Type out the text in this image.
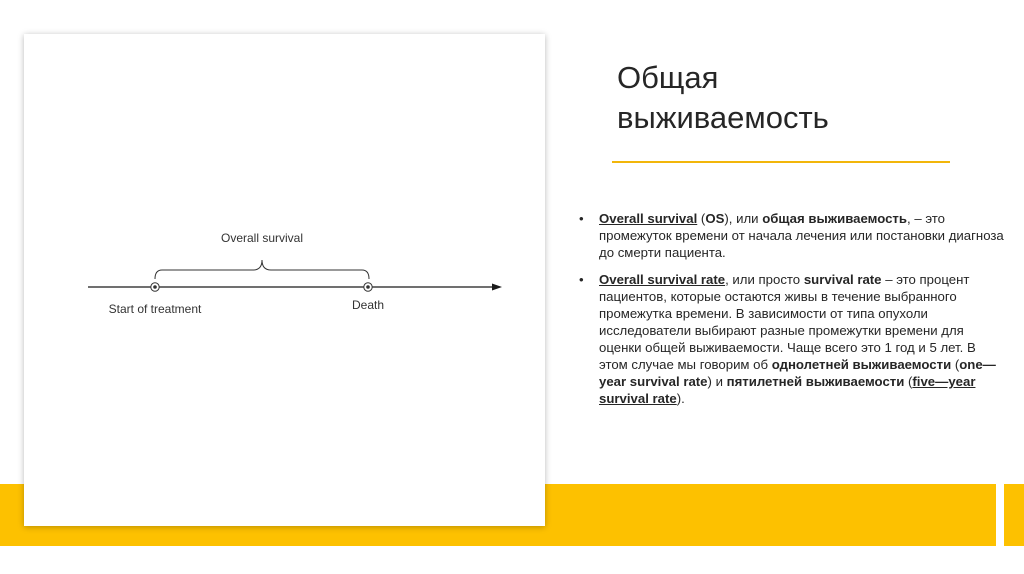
Overall survival
Start of treatment	Death
Общая
выживаемость
• Overall survival (OS), или общая выживаемость, – это промежуток времени от начала лечения или постановки диагноза до смерти пациента.
• Overall survival rate, или просто survival rate – это процент пациентов, которые остаются живы в течение выбранного промежутка времени. В зависимости от типа опухоли исследователи выбирают разные промежутки времени для оценки общей выживаемости. Чаще всего это 1 год и 5 лет. В этом случае мы говорим об однолетней выживаемости (one—year survival rate) и пятилетней выживаемости (five—year survival rate).
